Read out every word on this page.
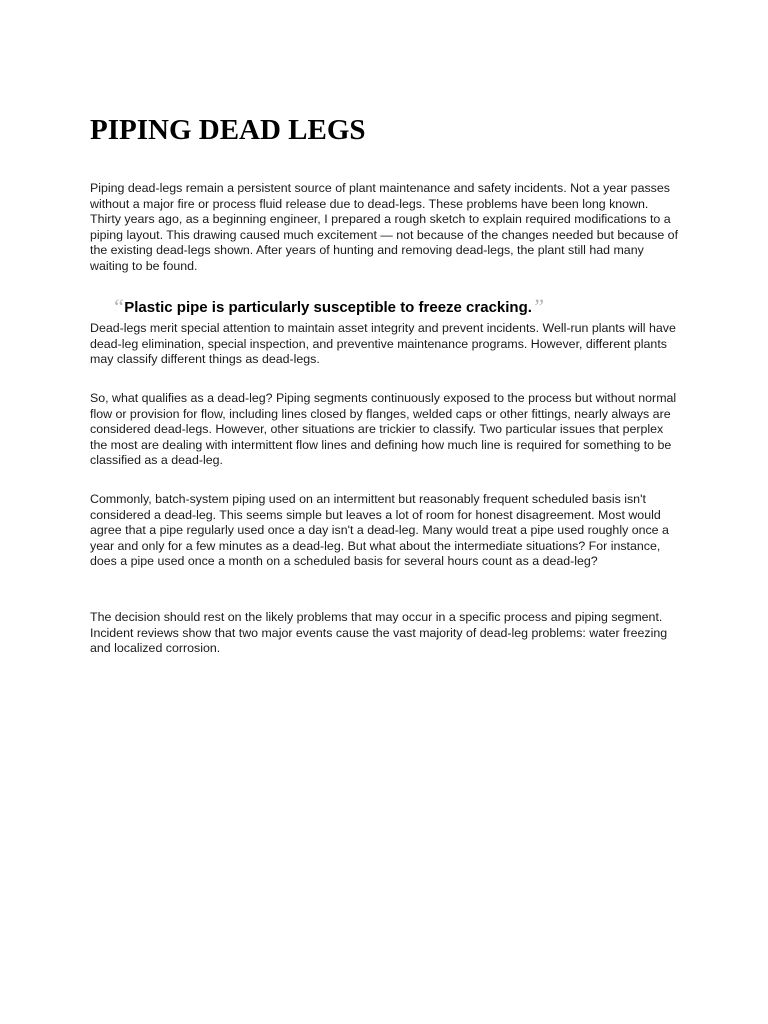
PIPING DEAD LEGS

Piping dead-legs remain a persistent source of plant maintenance and safety incidents. Not a year passes without a major fire or process fluid release due to dead-legs. These problems have been long known. Thirty years ago, as a beginning engineer, I prepared a rough sketch to explain required modifications to a piping layout. This drawing caused much excitement — not because of the changes needed but because of the existing dead-legs shown. After years of hunting and removing dead-legs, the plant still had many waiting to be found.

“Plastic pipe is particularly susceptible to freeze cracking.”

Dead-legs merit special attention to maintain asset integrity and prevent incidents. Well-run plants will have dead-leg elimination, special inspection, and preventive maintenance programs. However, different plants may classify different things as dead-legs.

So, what qualifies as a dead-leg? Piping segments continuously exposed to the process but without normal flow or provision for flow, including lines closed by flanges, welded caps or other fittings, nearly always are considered dead-legs. However, other situations are trickier to classify. Two particular issues that perplex the most are dealing with intermittent flow lines and defining how much line is required for something to be classified as a dead-leg.

Commonly, batch-system piping used on an intermittent but reasonably frequent scheduled basis isn't considered a dead-leg. This seems simple but leaves a lot of room for honest disagreement. Most would agree that a pipe regularly used once a day isn't a dead-leg. Many would treat a pipe used roughly once a year and only for a few minutes as a dead-leg. But what about the intermediate situations? For instance, does a pipe used once a month on a scheduled basis for several hours count as a dead-leg?

The decision should rest on the likely problems that may occur in a specific process and piping segment. Incident reviews show that two major events cause the vast majority of dead-leg problems: water freezing and localized corrosion.
